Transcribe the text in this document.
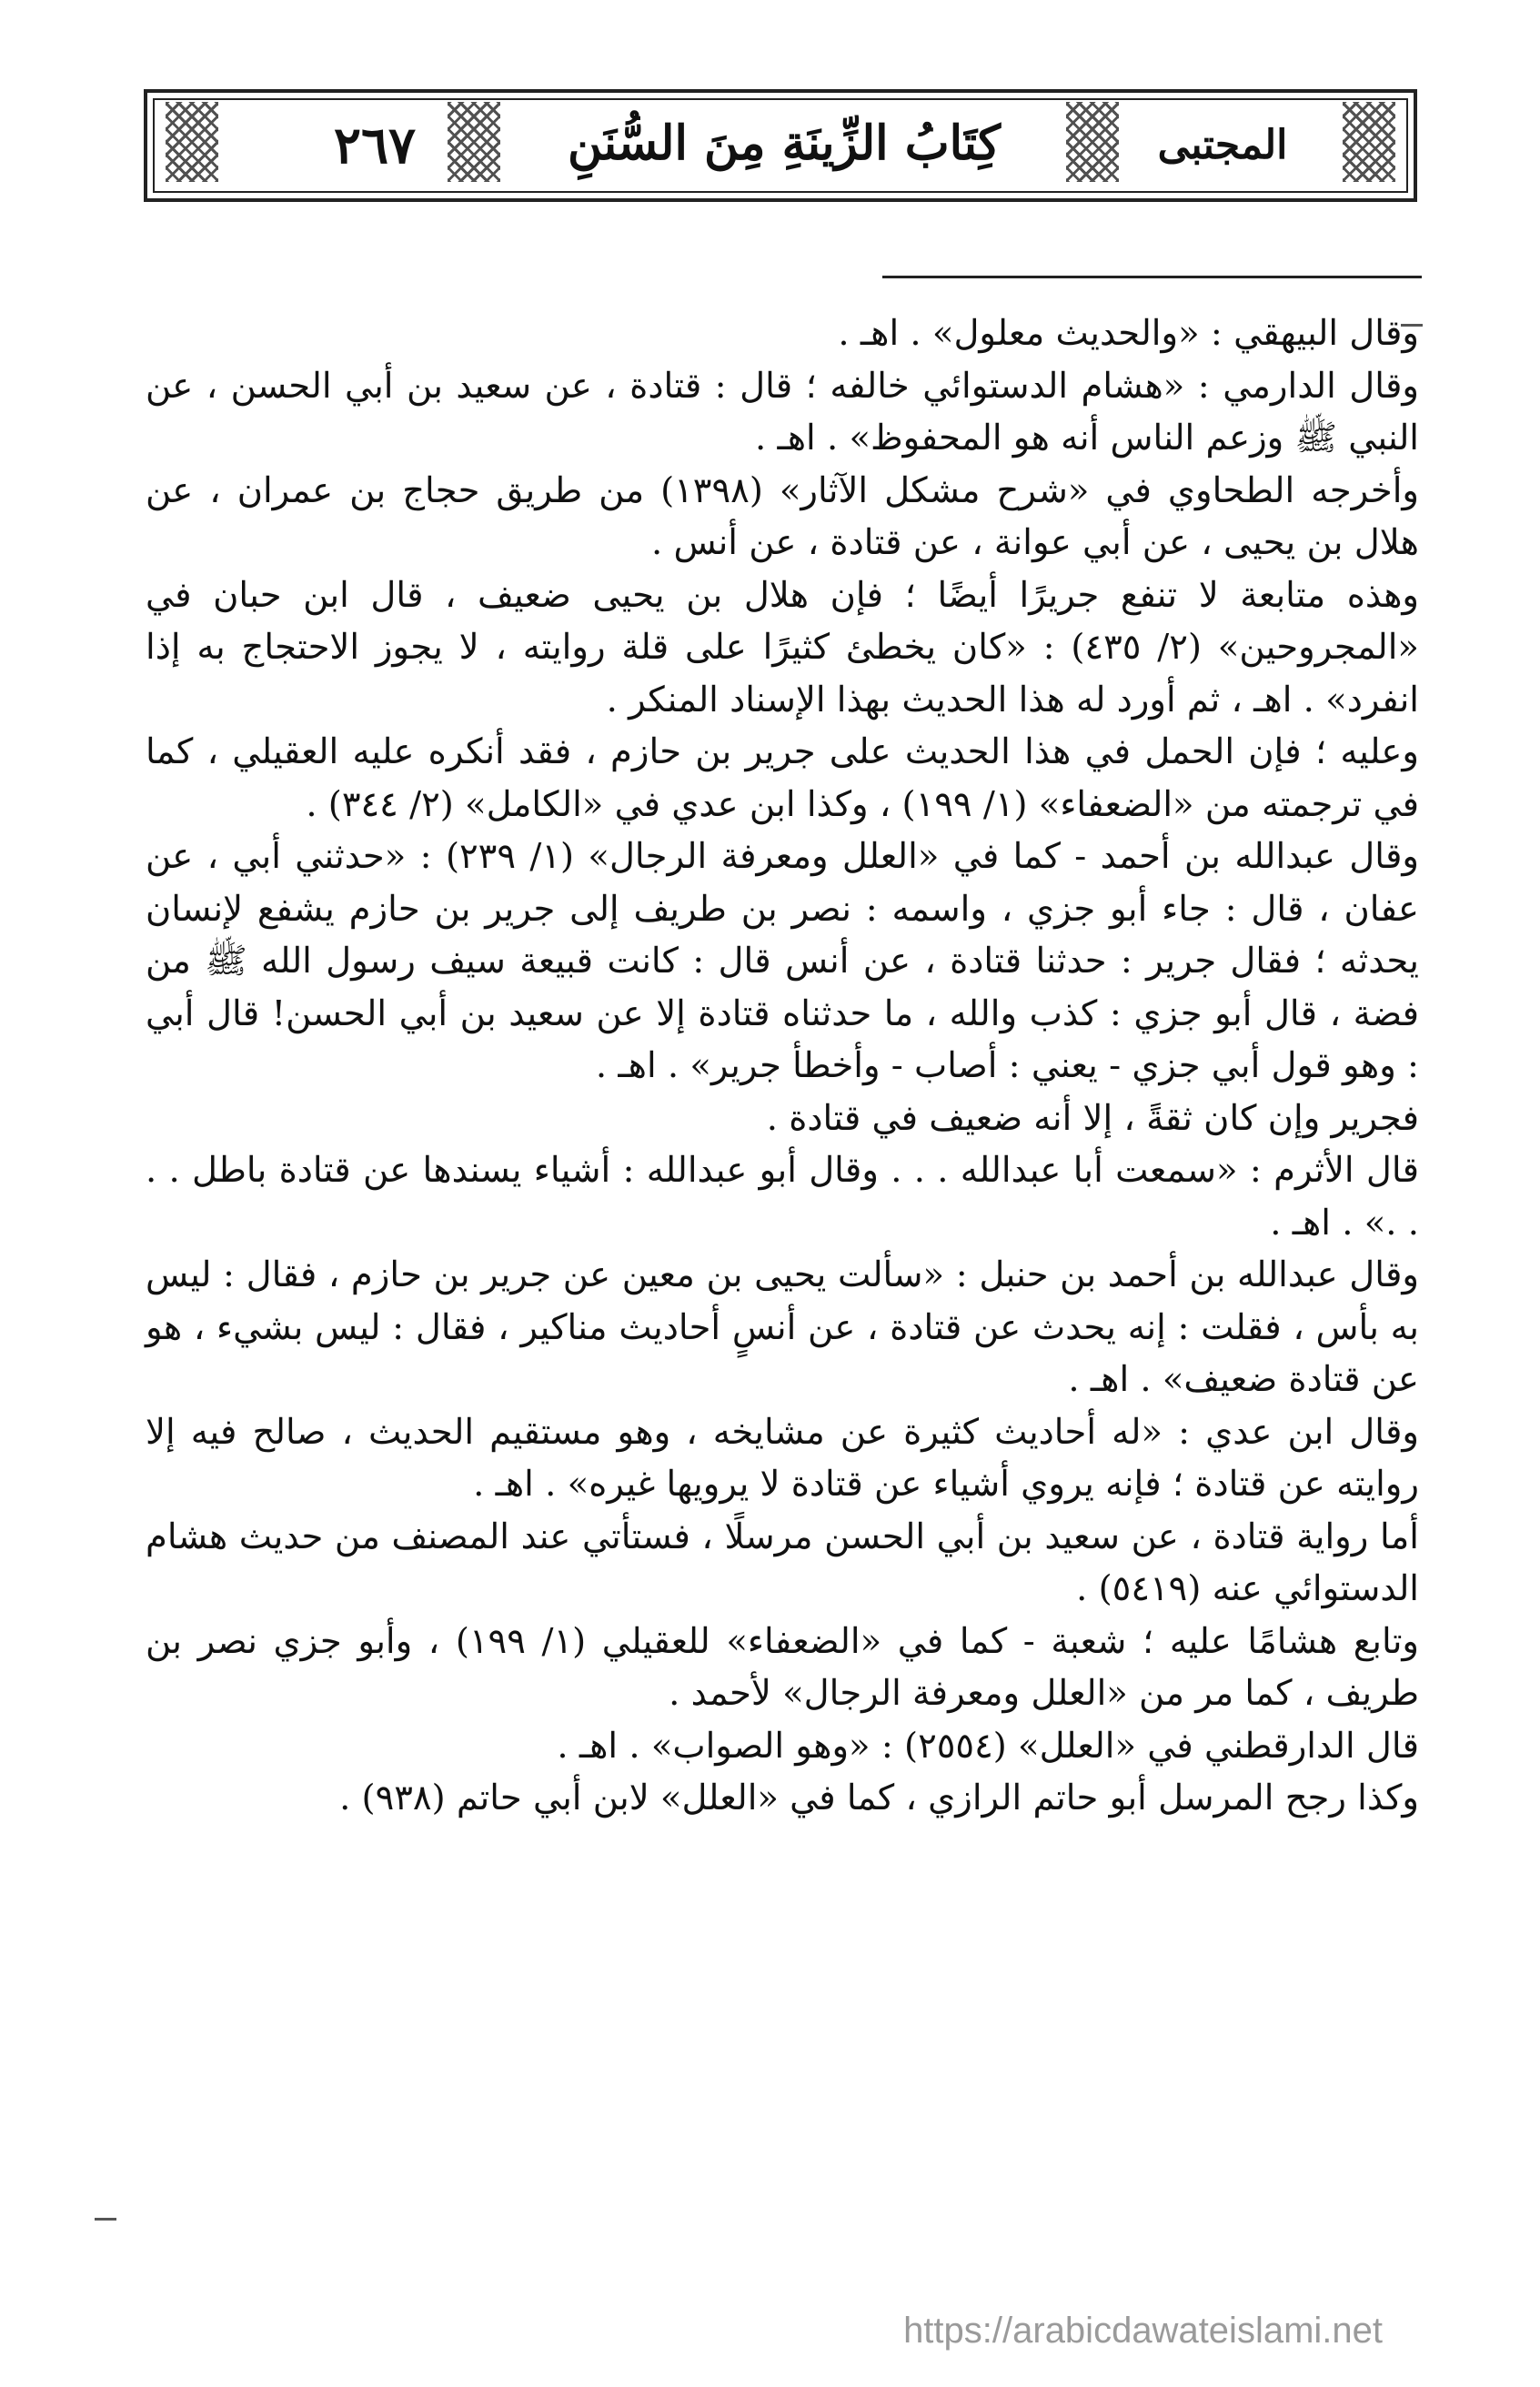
٢٦٧	كِتَابُ الزِّينَةِ مِنَ السُّنَنِ	المجتبى

وقال البيهقي : «والحديث معلول» . اهـ .

وقال الدارمي : «هشام الدستوائي خالفه ؛ قال : قتادة ، عن سعيد بن أبي الحسن ، عن النبي ﷺ وزعم الناس أنه هو المحفوظ» . اهـ .

وأخرجه الطحاوي في «شرح مشكل الآثار» (١٣٩٨) من طريق حجاج بن عمران ، عن هلال بن يحيى ، عن أبي عوانة ، عن قتادة ، عن أنس .

وهذه متابعة لا تنفع جريرًا أيضًا ؛ فإن هلال بن يحيى ضعيف ، قال ابن حبان في «المجروحين» (٢/ ٤٣٥) : «كان يخطئ كثيرًا على قلة روايته ، لا يجوز الاحتجاج به إذا انفرد» . اهـ ، ثم أورد له هذا الحديث بهذا الإسناد المنكر .

وعليه ؛ فإن الحمل في هذا الحديث على جرير بن حازم ، فقد أنكره عليه العقيلي ، كما في ترجمته من «الضعفاء» (١/ ١٩٩) ، وكذا ابن عدي في «الكامل» (٢/ ٣٤٤) .

وقال عبدالله بن أحمد - كما في «العلل ومعرفة الرجال» (١/ ٢٣٩) : «حدثني أبي ، عن عفان ، قال : جاء أبو جزي ، واسمه : نصر بن طريف إلى جرير بن حازم يشفع لإنسان يحدثه ؛ فقال جرير : حدثنا قتادة ، عن أنس قال : كانت قبيعة سيف رسول الله ﷺ من فضة ، قال أبو جزي : كذب والله ، ما حدثناه قتادة إلا عن سعيد بن أبي الحسن! قال أبي : وهو قول أبي جزي - يعني : أصاب - وأخطأ جرير» . اهـ .

فجرير وإن كان ثقةً ، إلا أنه ضعيف في قتادة .

قال الأثرم : «سمعت أبا عبدالله . . . وقال أبو عبدالله : أشياء يسندها عن قتادة باطل . . . .» . اهـ .

وقال عبدالله بن أحمد بن حنبل : «سألت يحيى بن معين عن جرير بن حازم ، فقال : ليس به بأس ، فقلت : إنه يحدث عن قتادة ، عن أنسٍ أحاديث مناكير ، فقال : ليس بشيء ، هو عن قتادة ضعيف» . اهـ .

وقال ابن عدي : «له أحاديث كثيرة عن مشايخه ، وهو مستقيم الحديث ، صالح فيه إلا روايته عن قتادة ؛ فإنه يروي أشياء عن قتادة لا يرويها غيره» . اهـ .

أما رواية قتادة ، عن سعيد بن أبي الحسن مرسلًا ، فستأتي عند المصنف من حديث هشام الدستوائي عنه (٥٤١٩) .

وتابع هشامًا عليه ؛ شعبة - كما في «الضعفاء» للعقيلي (١/ ١٩٩) ، وأبو جزي نصر بن طريف ، كما مر من «العلل ومعرفة الرجال» لأحمد .

قال الدارقطني في «العلل» (٢٥٥٤) : «وهو الصواب» . اهـ .

وكذا رجح المرسل أبو حاتم الرازي ، كما في «العلل» لابن أبي حاتم (٩٣٨) .

https://arabicdawateislami.net
